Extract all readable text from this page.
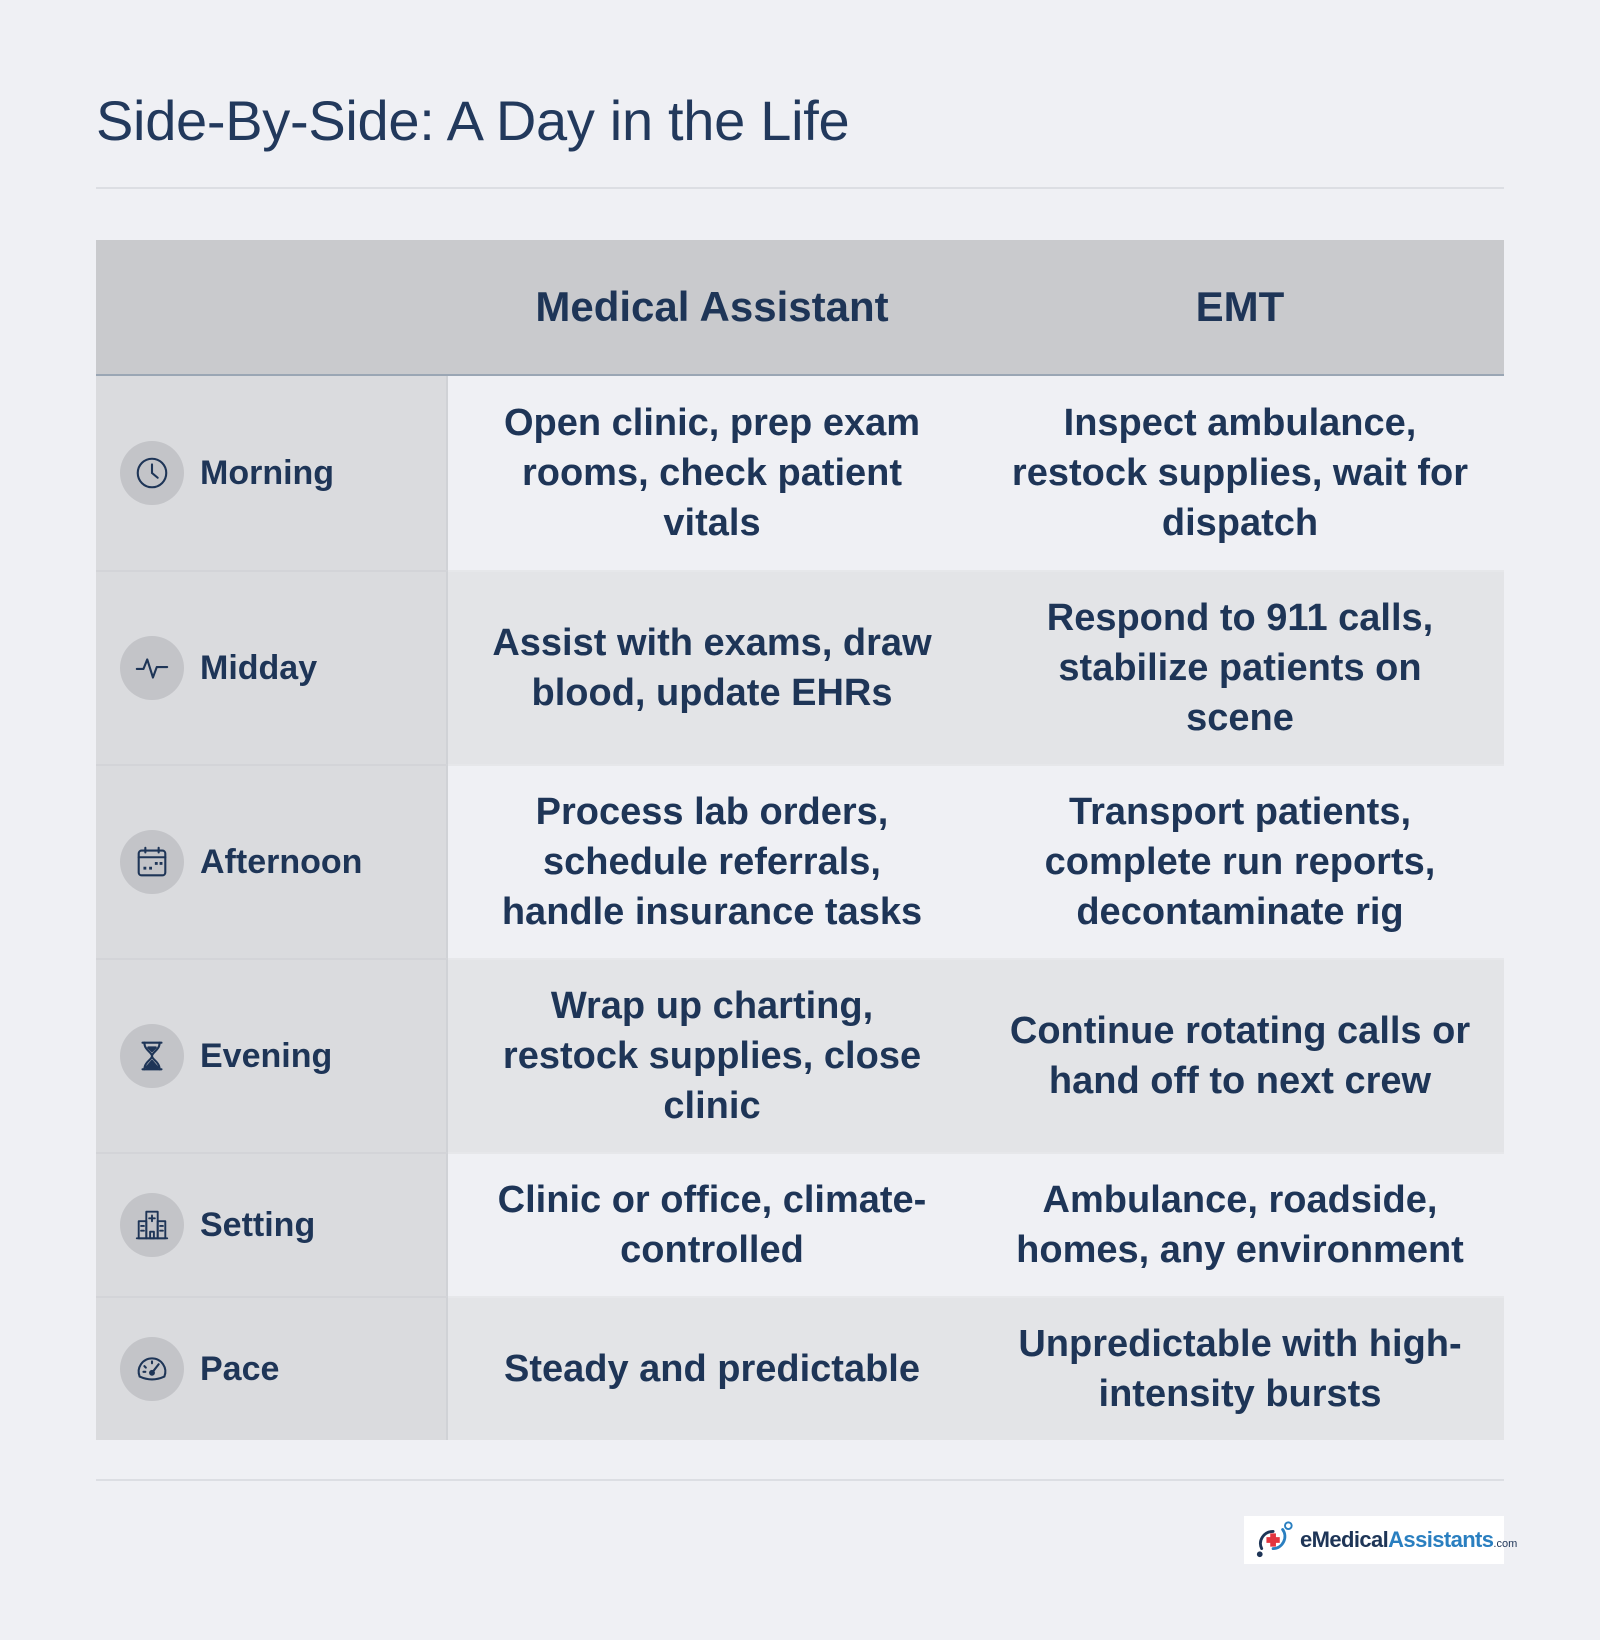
Side-By-Side: A Day in the Life
Medical Assistant	EMT
Morning
Open clinic, prep exam rooms, check patient vitals
Inspect ambulance, restock supplies, wait for dispatch
Midday
Assist with exams, draw blood, update EHRs
Respond to 911 calls, stabilize patients on scene
Afternoon
Process lab orders, schedule referrals, handle insurance tasks
Transport patients, complete run reports, decontaminate rig
Evening
Wrap up charting, restock supplies, close clinic
Continue rotating calls or hand off to next crew
Setting
Clinic or office, climate-controlled
Ambulance, roadside, homes, any environment
Pace	Steady and predictable
Unpredictable with high-intensity bursts
eMedicalAssistants.com
